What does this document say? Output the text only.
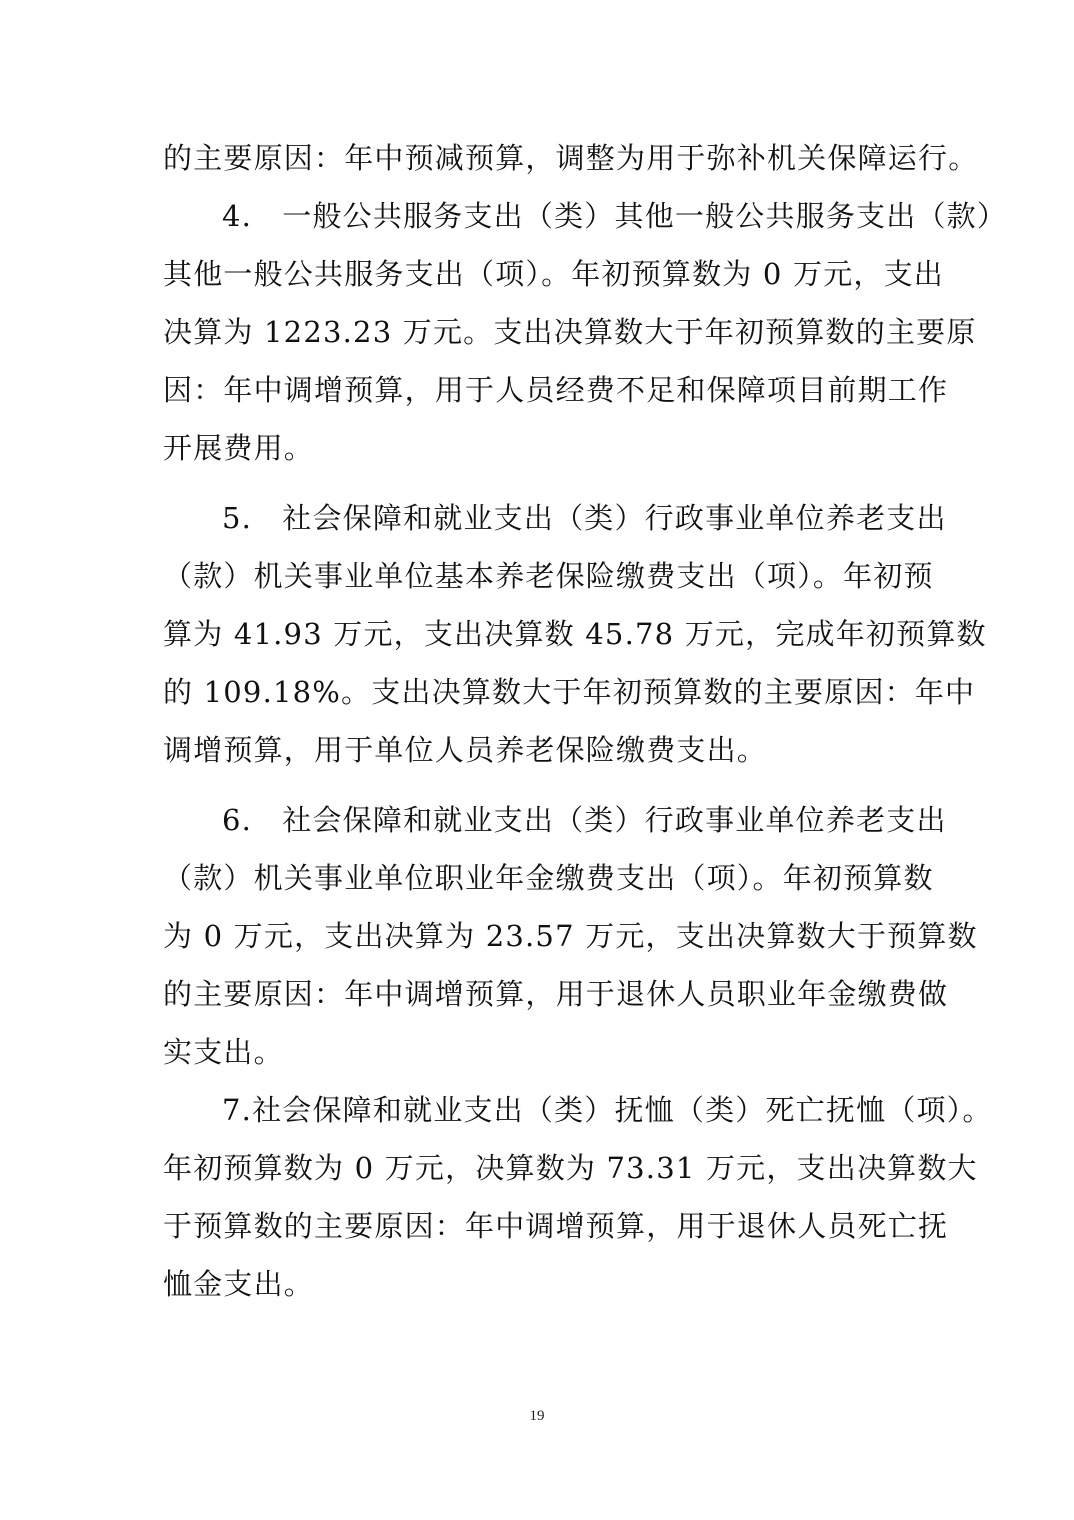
的主要原因：年中预减预算，调整为用于弥补机关保障运行。

4.　一般公共服务支出（类）其他一般公共服务支出（款）

其他一般公共服务支出（项）。年初预算数为 0 万元，支出

决算为 1223.23 万元。支出决算数大于年初预算数的主要原

因：年中调增预算，用于人员经费不足和保障项目前期工作

开展费用。

5.　社会保障和就业支出（类）行政事业单位养老支出

（款）机关事业单位基本养老保险缴费支出（项）。年初预

算为 41.93 万元，支出决算数 45.78 万元，完成年初预算数

的 109.18%。支出决算数大于年初预算数的主要原因：年中

调增预算，用于单位人员养老保险缴费支出。

6.　社会保障和就业支出（类）行政事业单位养老支出

（款）机关事业单位职业年金缴费支出（项）。年初预算数

为 0 万元，支出决算为 23.57 万元，支出决算数大于预算数

的主要原因：年中调增预算，用于退休人员职业年金缴费做

实支出。

7.社会保障和就业支出（类）抚恤（类）死亡抚恤（项）。

年初预算数为 0 万元，决算数为 73.31 万元，支出决算数大

于预算数的主要原因：年中调增预算，用于退休人员死亡抚

恤金支出。

19
